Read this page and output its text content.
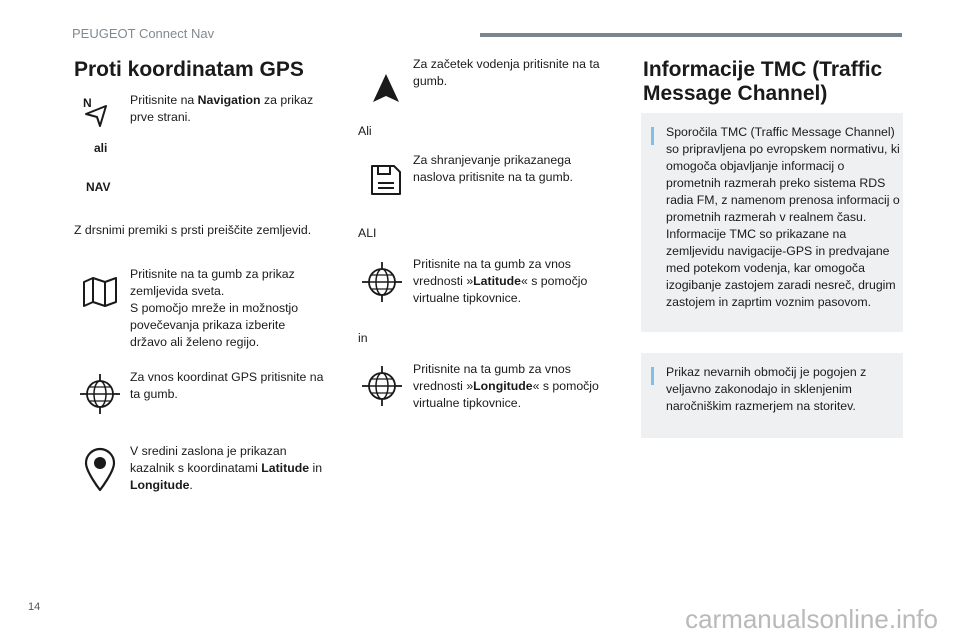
PEUGEOT Connect Nav
Proti koordinatam GPS
N	Pritisnite na Navigation za prikaz prve strani.
ali
NAV
Z drsnimi premiki s prsti preiščite zemljevid.
Pritisnite na ta gumb za prikaz zemljevida sveta.
S pomočjo mreže in možnostjo povečevanja prikaza izberite državo ali želeno regijo.
Za vnos koordinat GPS pritisnite na ta gumb.
V sredini zaslona je prikazan kazalnik s koordinatami Latitude in Longitude.
Za začetek vodenja pritisnite na ta gumb.
Ali
Za shranjevanje prikazanega naslova pritisnite na ta gumb.
ALI
Pritisnite na ta gumb za vnos vrednosti »Latitude« s pomočjo virtualne tipkovnice.
in
Pritisnite na ta gumb za vnos vrednosti »Longitude« s pomočjo virtualne tipkovnice.
Informacije TMC (Traffic Message Channel)
Sporočila TMC (Traffic Message Channel) so pripravljena po evropskem normativu, ki omogoča objavljanje informacij o prometnih razmerah preko sistema RDS radia FM, z namenom prenosa informacij o prometnih razmerah v realnem času.
Informacije TMC so prikazane na zemljevidu navigacije-GPS in predvajane med potekom vodenja, kar omogoča izogibanje zastojem zaradi nesreč, drugim zastojem in zaprtim voznim pasovom.
Prikaz nevarnih območij je pogojen z veljavno zakonodajo in sklenjenim naročniškim razmerjem na storitev.
14	carmanualsonline.info
